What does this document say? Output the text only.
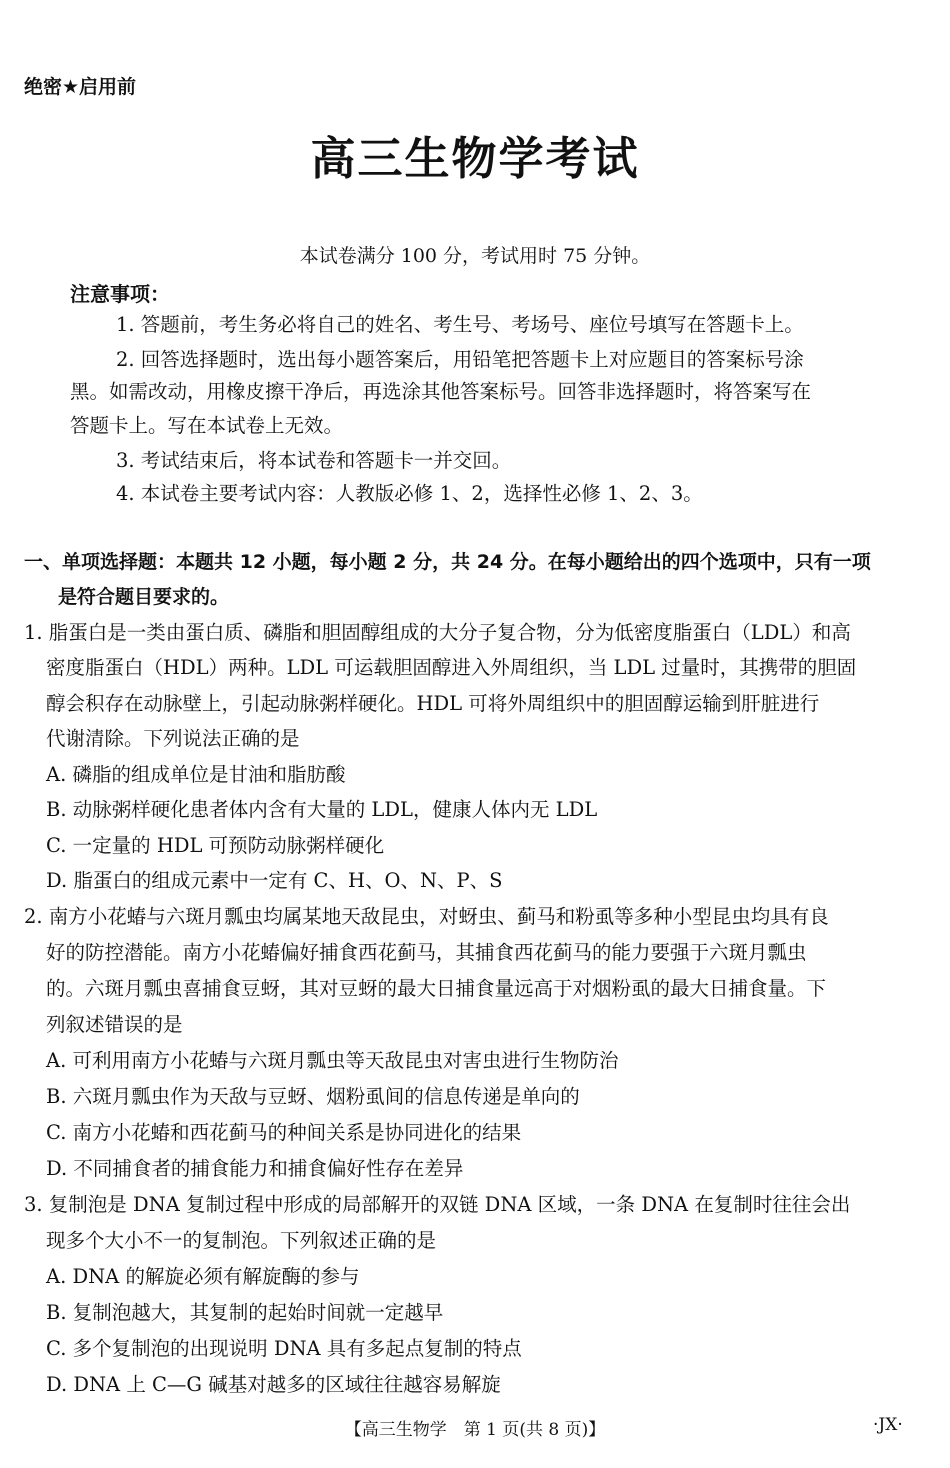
绝密★启用前
高三生物学考试
本试卷满分 100 分，考试用时 75 分钟。
注意事项：
1. 答题前，考生务必将自己的姓名、考生号、考场号、座位号填写在答题卡上。
2. 回答选择题时，选出每小题答案后，用铅笔把答题卡上对应题目的答案标号涂
黑。如需改动，用橡皮擦干净后，再选涂其他答案标号。回答非选择题时，将答案写在
答题卡上。写在本试卷上无效。
3. 考试结束后，将本试卷和答题卡一并交回。
4. 本试卷主要考试内容：人教版必修 1、2，选择性必修 1、2、3。
一、单项选择题：本题共 12 小题，每小题 2 分，共 24 分。在每小题给出的四个选项中，只有一项
是符合题目要求的。
1. 脂蛋白是一类由蛋白质、磷脂和胆固醇组成的大分子复合物，分为低密度脂蛋白（LDL）和高
密度脂蛋白（HDL）两种。LDL 可运载胆固醇进入外周组织，当 LDL 过量时，其携带的胆固
醇会积存在动脉壁上，引起动脉粥样硬化。HDL 可将外周组织中的胆固醇运输到肝脏进行
代谢清除。下列说法正确的是
A. 磷脂的组成单位是甘油和脂肪酸
B. 动脉粥样硬化患者体内含有大量的 LDL，健康人体内无 LDL
C. 一定量的 HDL 可预防动脉粥样硬化
D. 脂蛋白的组成元素中一定有 C、H、O、N、P、S
2. 南方小花蝽与六斑月瓢虫均属某地天敌昆虫，对蚜虫、蓟马和粉虱等多种小型昆虫均具有良
好的防控潜能。南方小花蝽偏好捕食西花蓟马，其捕食西花蓟马的能力要强于六斑月瓢虫
的。六斑月瓢虫喜捕食豆蚜，其对豆蚜的最大日捕食量远高于对烟粉虱的最大日捕食量。下
列叙述错误的是
A. 可利用南方小花蝽与六斑月瓢虫等天敌昆虫对害虫进行生物防治
B. 六斑月瓢虫作为天敌与豆蚜、烟粉虱间的信息传递是单向的
C. 南方小花蝽和西花蓟马的种间关系是协同进化的结果
D. 不同捕食者的捕食能力和捕食偏好性存在差异
3. 复制泡是 DNA 复制过程中形成的局部解开的双链 DNA 区域，一条 DNA 在复制时往往会出
现多个大小不一的复制泡。下列叙述正确的是
A. DNA 的解旋必须有解旋酶的参与
B. 复制泡越大，其复制的起始时间就一定越早
C. 多个复制泡的出现说明 DNA 具有多起点复制的特点
D. DNA 上 C—G 碱基对越多的区域往往越容易解旋
【高三生物学　第 1 页(共 8 页)】	·JX·
